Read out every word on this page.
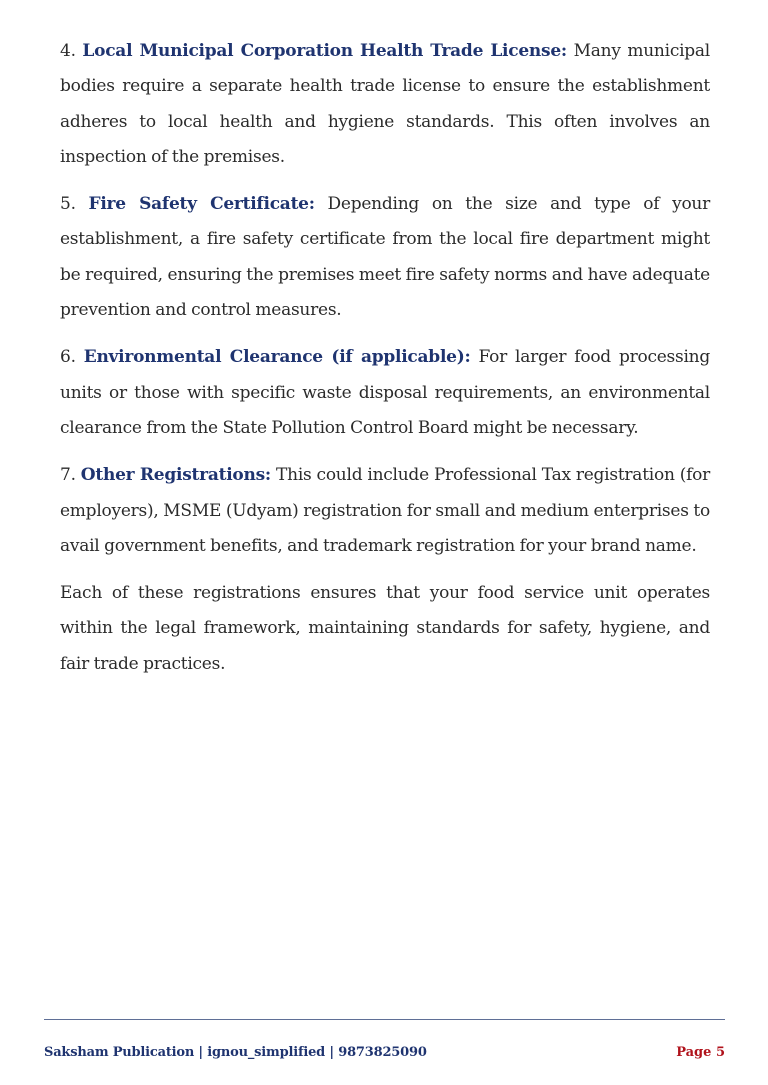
4. Local Municipal Corporation Health Trade License: Many municipal bodies require a separate health trade license to ensure the establishment adheres to local health and hygiene standards. This often involves an inspection of the premises.

5. Fire Safety Certificate: Depending on the size and type of your establishment, a fire safety certificate from the local fire department might be required, ensuring the premises meet fire safety norms and have adequate prevention and control measures.

6. Environmental Clearance (if applicable): For larger food processing units or those with specific waste disposal requirements, an environmental clearance from the State Pollution Control Board might be necessary.

7. Other Registrations: This could include Professional Tax registration (for employers), MSME (Udyam) registration for small and medium enterprises to avail government benefits, and trademark registration for your brand name.

Each of these registrations ensures that your food service unit operates within the legal framework, maintaining standards for safety, hygiene, and fair trade practices.

Saksham Publication | ignou_simplified | 9873825090	Page 5
